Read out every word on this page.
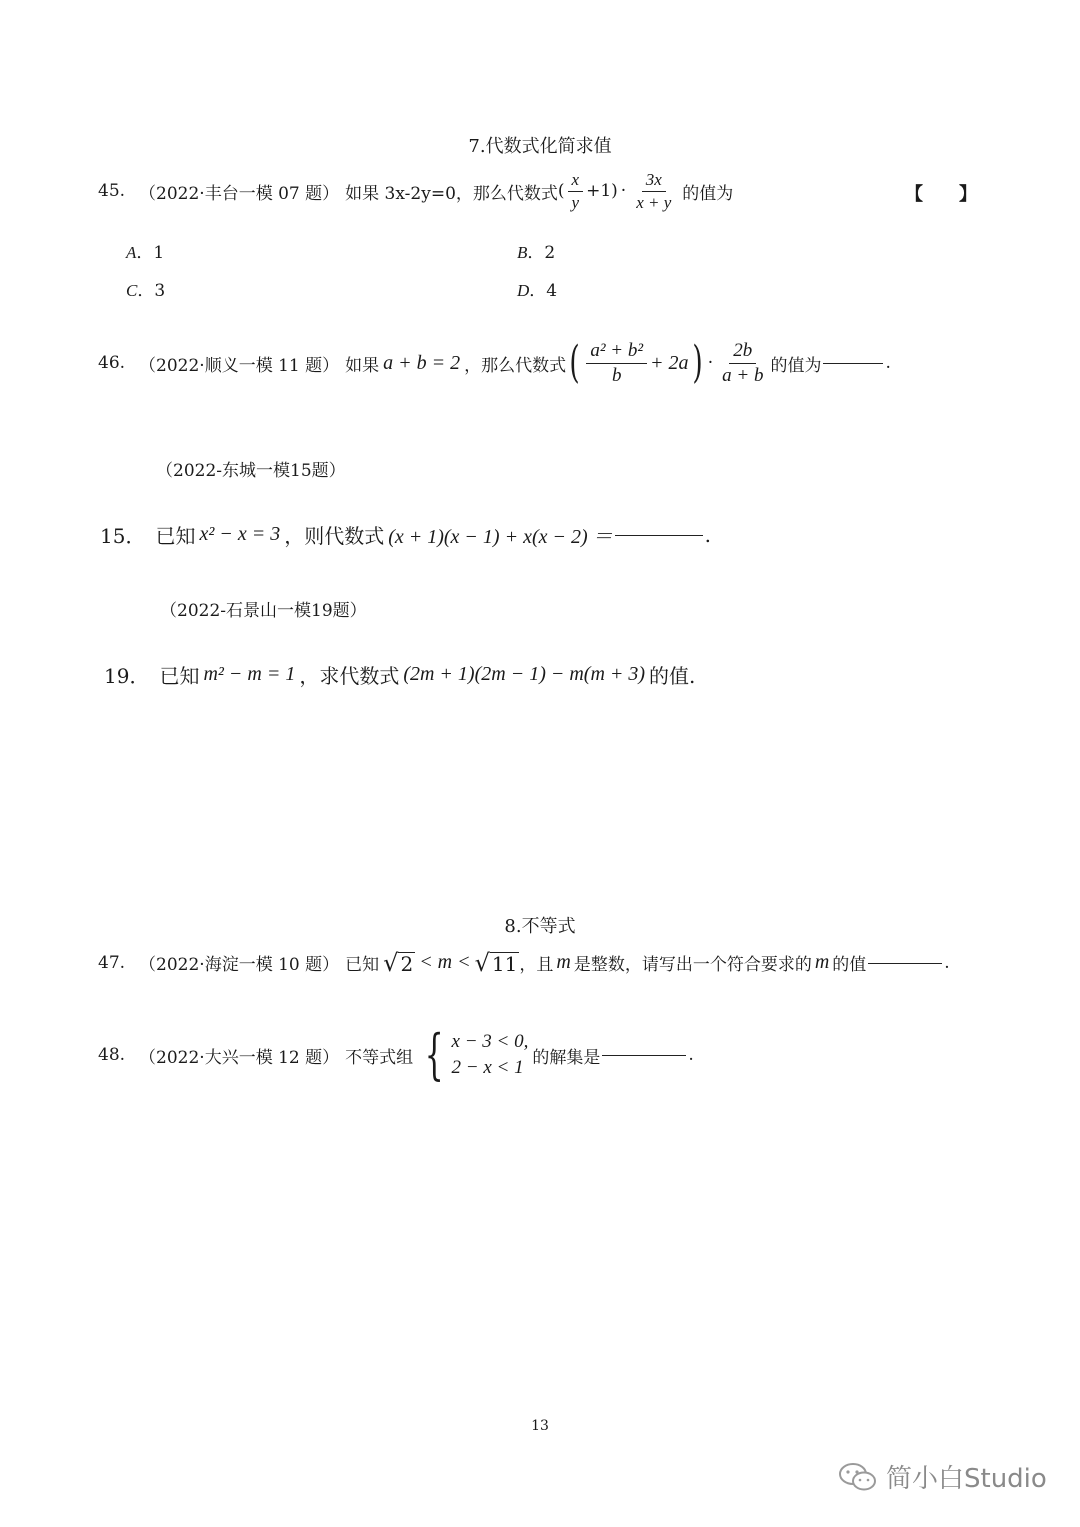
7.代数式化简求值
45. （2022·丰台一模 07 题） 如果 3x-2y=0，那么代数式 ( $\frac{x}{y} +1) \cdot \frac{3x}{x + y}$ 的值为	【　　】
A．1	B．2
C．3	D．4
46. （2022·顺义一模 11 题） 如果 a + b = 2 ，那么代数式 ( $\frac{\text{a² + b²}}{b} + 2a$ ) · $\frac{2b}{a + b}$ 的值为	.
（2022-东城一模15题）
15． 已知 x² − x = 3 ，则代数式 (x + 1)(x − 1) + x(x − 2) ＝	.
（2022-石景山一模19题）
19． 已知 m² − m = 1 ，求代数式 (2m + 1)(2m − 1) − m(m + 3) 的值.
8.不等式
47. （2022·海淀一模 10 题） 已知 √ 2 < m < √ 11 ，且 m 是整数，请写出一个符合要求的 m 的值	.
48. （2022·大兴一模 12 题） 不等式组 { x − 3 < 0,
2 − x < 1 的解集是	.
13
简小白Studio
